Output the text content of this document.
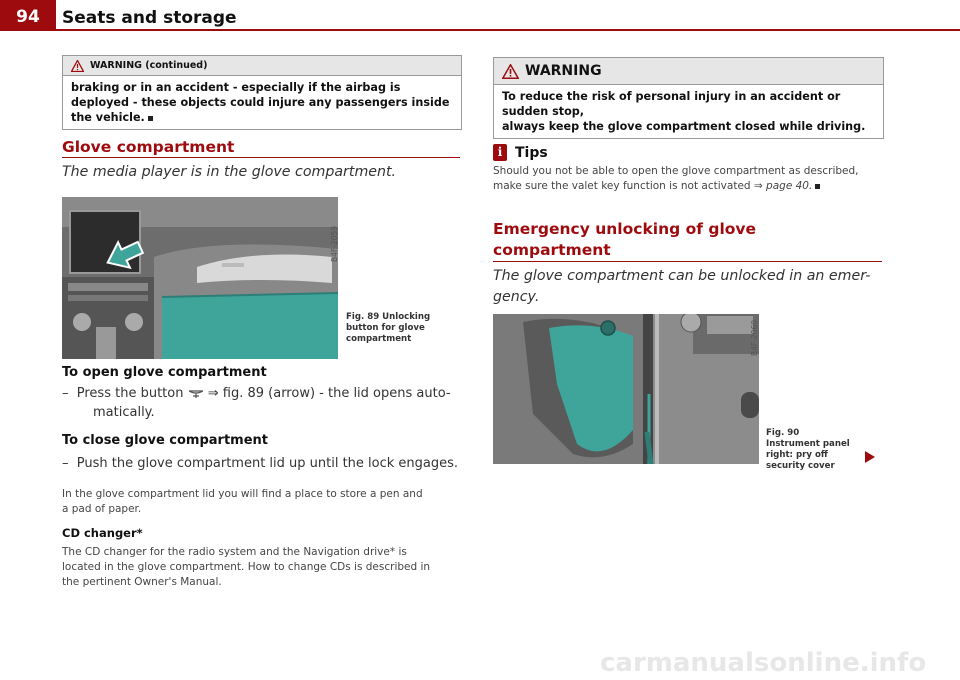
94	Seats and storage
WARNING (continued)
braking or in an accident - especially if the airbag is deployed - these objects could injure any passengers inside the vehicle.
Glove compartment
The media player is in the glove compartment.
B4F-2059
Fig. 89 Unlocking button for glove compartment
To open glove compartment
–  Press the button ⇒ fig. 89 (arrow) - the lid opens auto-
matically.
To close glove compartment
–  Push the glove compartment lid up until the lock engages.
In the glove compartment lid you will find a place to store a pen and
a pad of paper.
CD changer*
The CD changer for the radio system and the Navigation drive* is
located in the glove compartment. How to change CDs is described in
the pertinent Owner's Manual.
WARNING
To reduce the risk of personal injury in an accident or sudden stop,
always keep the glove compartment closed while driving.
i Tips
Should you not be able to open the glove compartment as described,
make sure the valet key function is not activated ⇒ page 40.
Emergency unlocking of glove
compartment
The glove compartment can be unlocked in an emer-
gency.
B4F-2060
Fig. 90 Instrument panel right: pry off security cover
carmanualsonline.info
